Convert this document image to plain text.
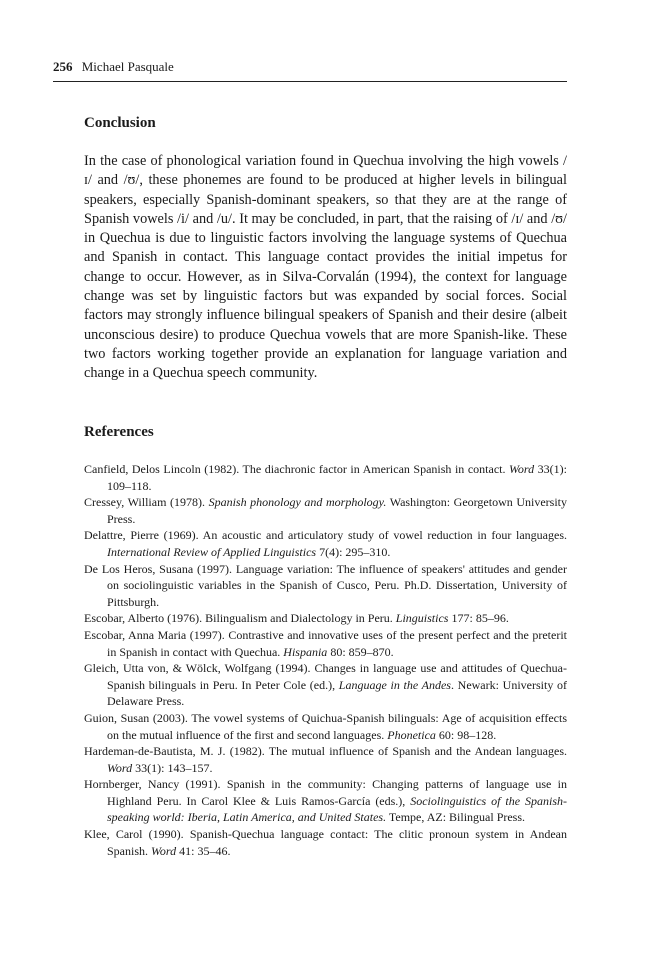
256 Michael Pasquale
Conclusion

In the case of phonological variation found in Quechua involving the high vowels /ɪ/ and /ʊ/, these phonemes are found to be produced at higher levels in bilingual speakers, especially Spanish-dominant speakers, so that they are at the range of Spanish vowels /i/ and /u/. It may be concluded, in part, that the raising of /ɪ/ and /ʊ/ in Quechua is due to linguistic factors involving the language systems of Quechua and Spanish in contact. This language contact provides the initial impetus for change to occur. However, as in Silva-Corvalán (1994), the context for language change was set by linguistic factors but was expanded by social forces. Social factors may strongly influence bilingual speakers of Spanish and their desire (albeit unconscious desire) to produce Quechua vowels that are more Spanish-like. These two factors working together provide an explanation for language variation and change in a Quechua speech community.

References

Canfield, Delos Lincoln (1982). The diachronic factor in American Spanish in contact. Word 33(1): 109–118.

Cressey, William (1978). Spanish phonology and morphology. Washington: Georgetown University Press.

Delattre, Pierre (1969). An acoustic and articulatory study of vowel reduction in four languages. International Review of Applied Linguistics 7(4): 295–310.

De Los Heros, Susana (1997). Language variation: The influence of speakers' attitudes and gender on sociolinguistic variables in the Spanish of Cusco, Peru. Ph.D. Dissertation, University of Pittsburgh.

Escobar, Alberto (1976). Bilingualism and Dialectology in Peru. Linguistics 177: 85–96.

Escobar, Anna Maria (1997). Contrastive and innovative uses of the present perfect and the preterit in Spanish in contact with Quechua. Hispania 80: 859–870.

Gleich, Utta von, & Wölck, Wolfgang (1994). Changes in language use and attitudes of Quechua-Spanish bilinguals in Peru. In Peter Cole (ed.), Language in the Andes. Newark: University of Delaware Press.

Guion, Susan (2003). The vowel systems of Quichua-Spanish bilinguals: Age of acquisition effects on the mutual influence of the first and second languages. Phonetica 60: 98–128.

Hardeman-de-Bautista, M. J. (1982). The mutual influence of Spanish and the Andean languages. Word 33(1): 143–157.

Hornberger, Nancy (1991). Spanish in the community: Changing patterns of language use in Highland Peru. In Carol Klee & Luis Ramos-García (eds.), Sociolinguistics of the Spanish-speaking world: Iberia, Latin America, and United States. Tempe, AZ: Bilingual Press.

Klee, Carol (1990). Spanish-Quechua language contact: The clitic pronoun system in Andean Spanish. Word 41: 35–46.
